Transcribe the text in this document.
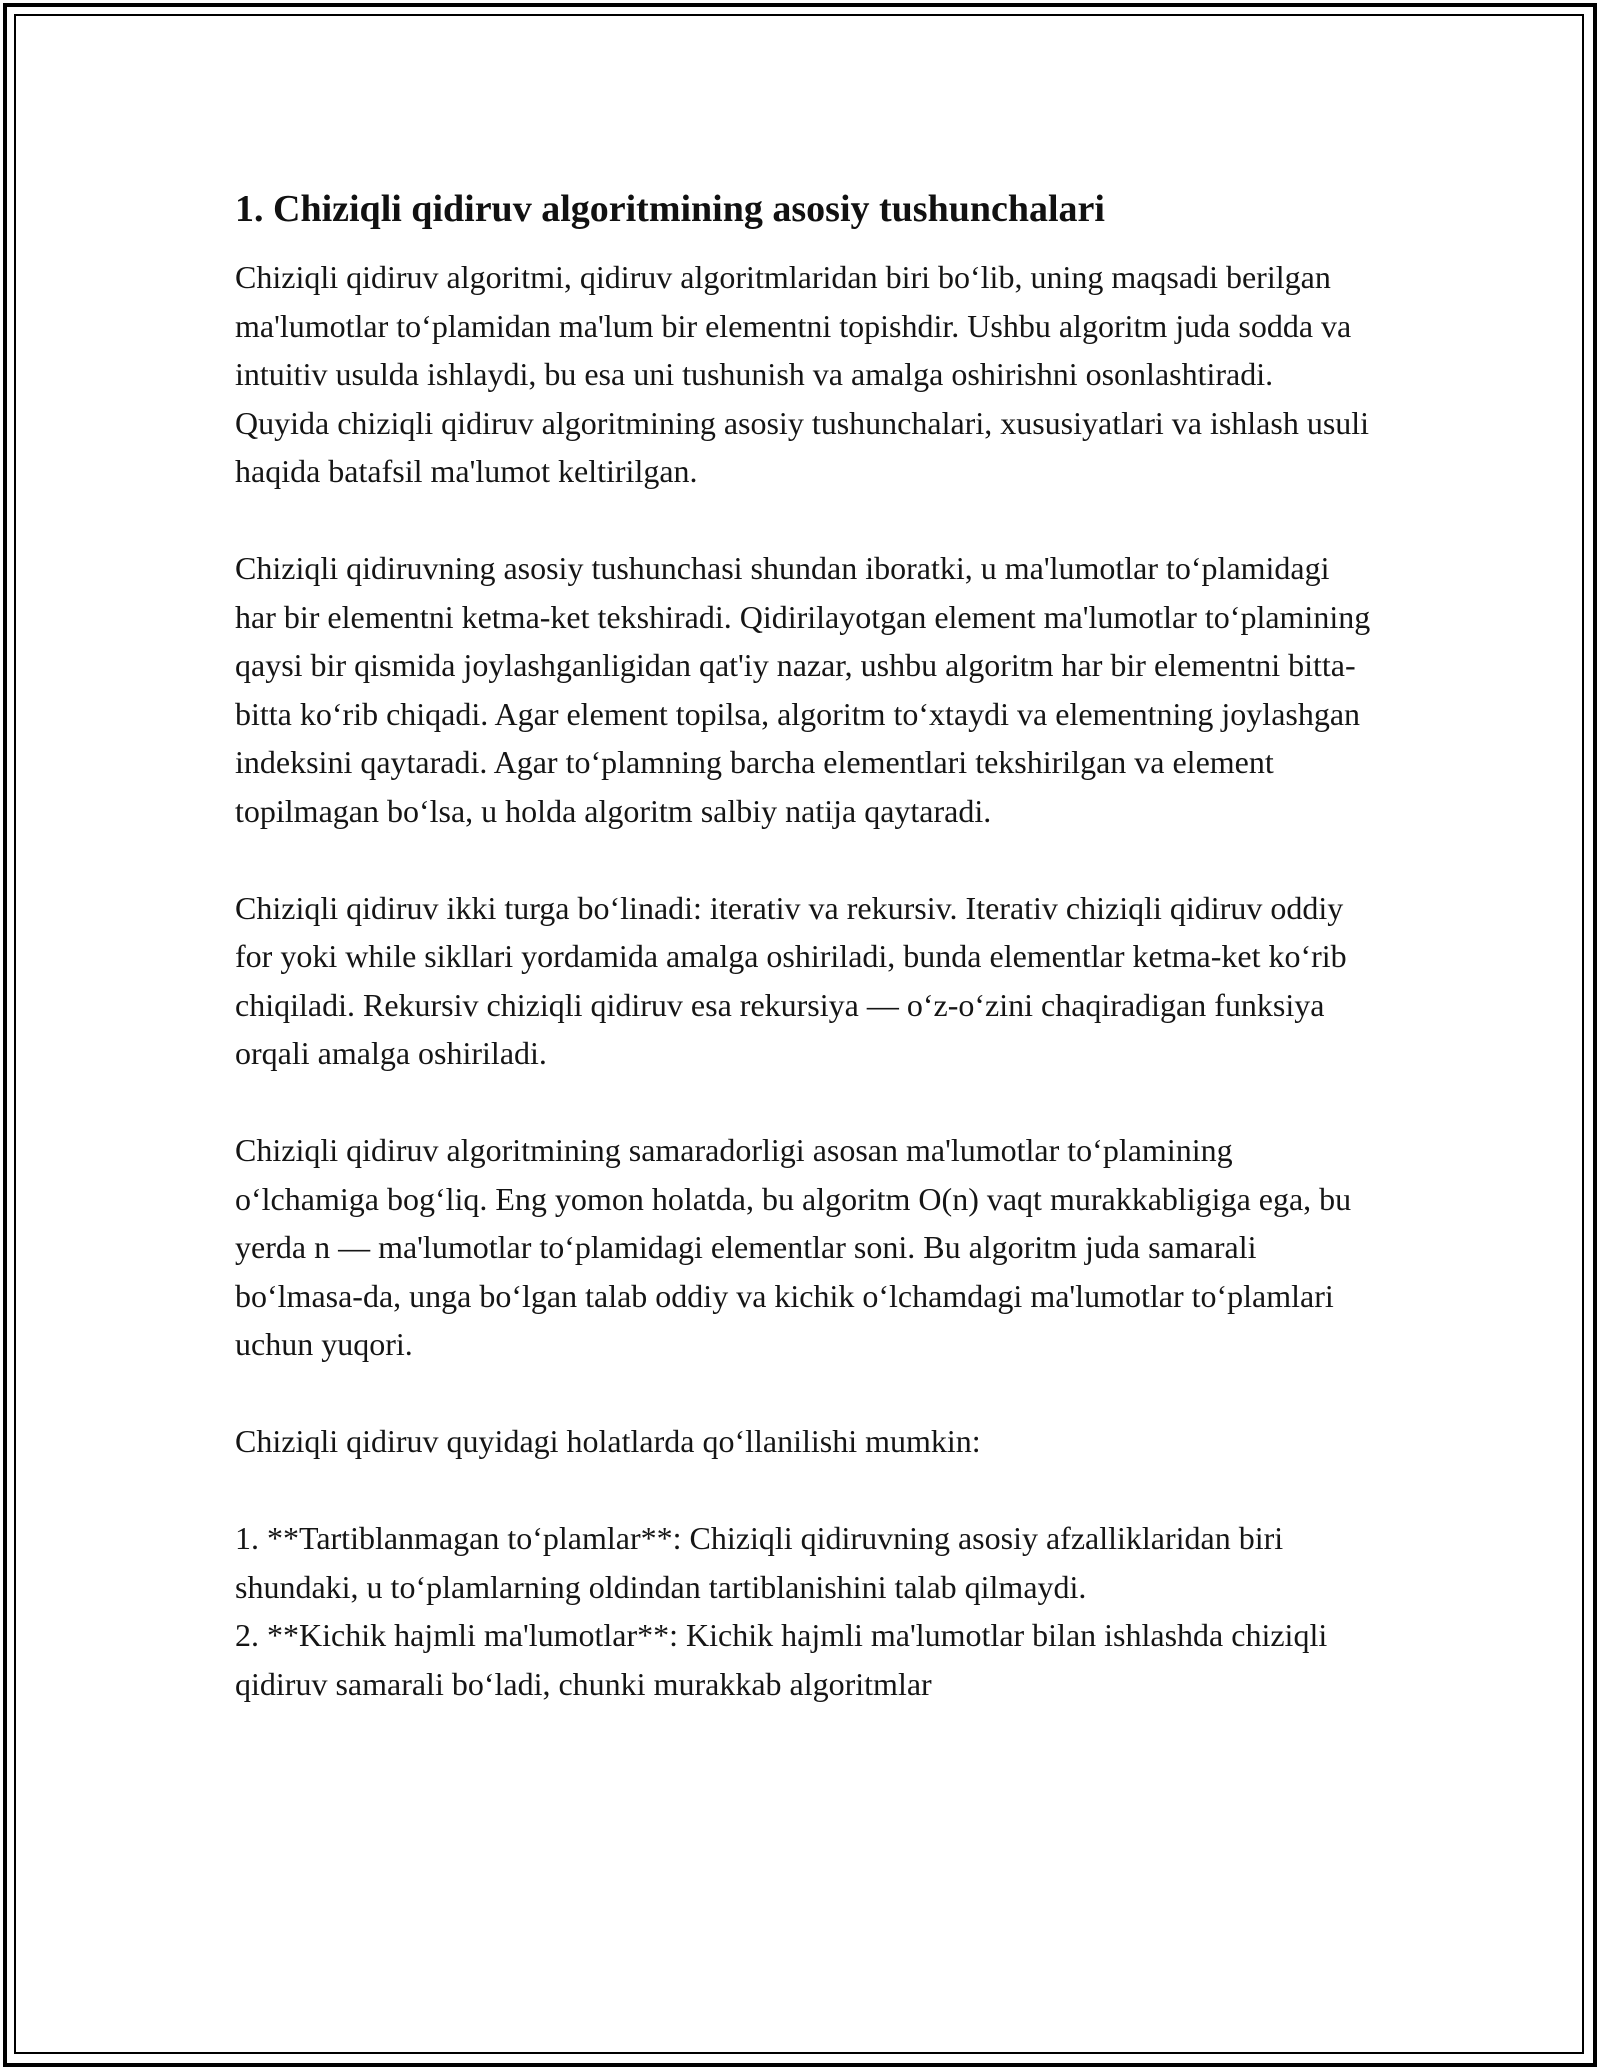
1. Chiziqli qidiruv algoritmining asosiy tushunchalari

Chiziqli qidiruv algoritmi, qidiruv algoritmlaridan biri bo‘lib, uning maqsadi berilgan ma'lumotlar to‘plamidan ma'lum bir elementni topishdir. Ushbu algoritm juda sodda va intuitiv usulda ishlaydi, bu esa uni tushunish va amalga oshirishni osonlashtiradi. Quyida chiziqli qidiruv algoritmining asosiy tushunchalari, xususiyatlari va ishlash usuli haqida batafsil ma'lumot keltirilgan.

Chiziqli qidiruvning asosiy tushunchasi shundan iboratki, u ma'lumotlar to‘plamidagi har bir elementni ketma-ket tekshiradi. Qidirilayotgan element ma'lumotlar to‘plamining qaysi bir qismida joylashganligidan qat'iy nazar, ushbu algoritm har bir elementni bitta-bitta ko‘rib chiqadi. Agar element topilsa, algoritm to‘xtaydi va elementning joylashgan indeksini qaytaradi. Agar to‘plamning barcha elementlari tekshirilgan va element topilmagan bo‘lsa, u holda algoritm salbiy natija qaytaradi.

Chiziqli qidiruv ikki turga bo‘linadi: iterativ va rekursiv. Iterativ chiziqli qidiruv oddiy for yoki while sikllari yordamida amalga oshiriladi, bunda elementlar ketma-ket ko‘rib chiqiladi. Rekursiv chiziqli qidiruv esa rekursiya — o‘z-o‘zini chaqiradigan funksiya orqali amalga oshiriladi.

Chiziqli qidiruv algoritmining samaradorligi asosan ma'lumotlar to‘plamining o‘lchamiga bog‘liq. Eng yomon holatda, bu algoritm O(n) vaqt murakkabligiga ega, bu yerda n — ma'lumotlar to‘plamidagi elementlar soni. Bu algoritm juda samarali bo‘lmasa-da, unga bo‘lgan talab oddiy va kichik o‘lchamdagi ma'lumotlar to‘plamlari uchun yuqori.

Chiziqli qidiruv quyidagi holatlarda qo‘llanilishi mumkin:

1. **Tartiblanmagan to‘plamlar**: Chiziqli qidiruvning asosiy afzalliklaridan biri shundaki, u to‘plamlarning oldindan tartiblanishini talab qilmaydi.

2. **Kichik hajmli ma'lumotlar**: Kichik hajmli ma'lumotlar bilan ishlashda chiziqli qidiruv samarali bo‘ladi, chunki murakkab algoritmlar
